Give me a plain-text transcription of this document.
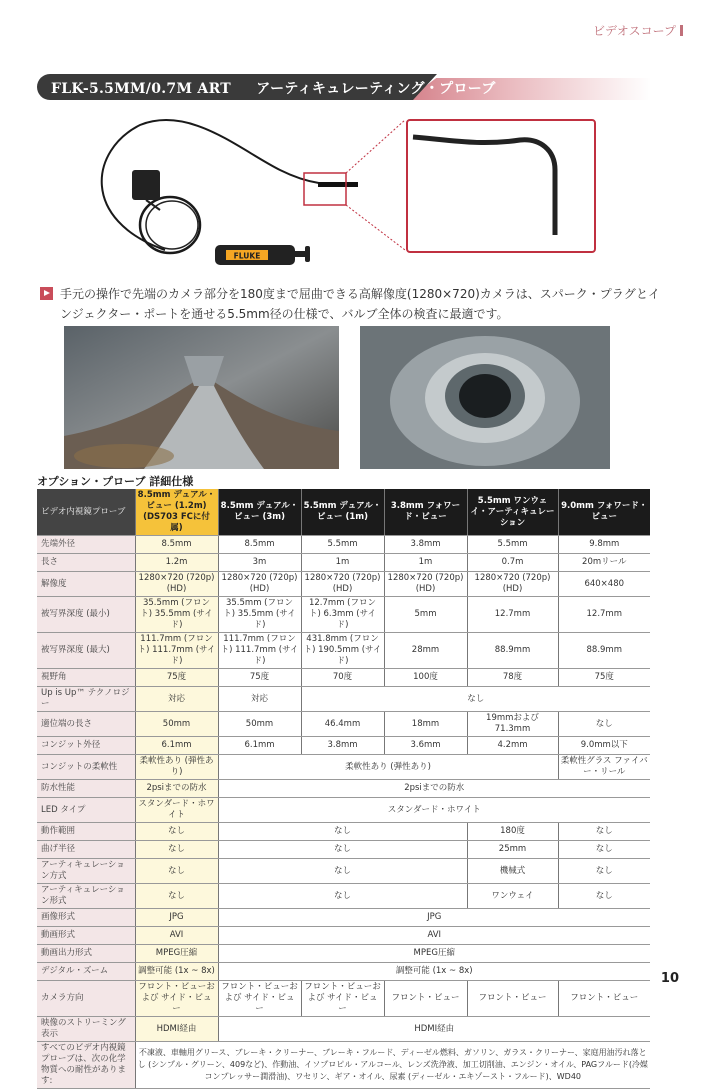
ビデオスコープ
FLK-5.5MM/0.7M ART アーティキュレーティング・プローブ
FLUKE
手元の操作で先端のカメラ部分を180度まで屈曲できる高解像度(1280×720)カメラは、スパーク・プラグとインジェクター・ポートを通せる5.5mm径の仕様で、バルブ全体の検査に最適です。
オプション・プローブ 詳細仕様
ビデオ内視鏡プローブ	8.5mm デュアル・ビュー (1.2m) (DS703 FCに付属)	8.5mm デュアル・ビュー (3m)	5.5mm デュアル・ビュー (1m)	3.8mm フォワード・ビュー	5.5mm ワンウェイ・アーティキュレーション	9.0mm フォワード・ビュー
先端外径	8.5mm	8.5mm	5.5mm	3.8mm	5.5mm	9.8mm
長さ	1.2m	3m	1m	1m	0.7m	20mリール
解像度	1280×720 (720p) (HD)	1280×720 (720p) (HD)	1280×720 (720p) (HD)	1280×720 (720p) (HD)	1280×720 (720p) (HD)	640×480
被写界深度 (最小)	35.5mm (フロント) 35.5mm (サイド)	35.5mm (フロント) 35.5mm (サイド)	12.7mm (フロント) 6.3mm (サイド)	5mm	12.7mm	12.7mm
被写界深度 (最大)	111.7mm (フロント) 111.7mm (サイド)	111.7mm (フロント) 111.7mm (サイド)	431.8mm (フロント) 190.5mm (サイド)	28mm	88.9mm	88.9mm
視野角	75度	75度	70度	100度	78度	75度
Up is Up™ テクノロジー	対応	対応	なし			
適位端の長さ	50mm	50mm	46.4mm	18mm	19mmおよび71.3mm	なし
コンジット外径	6.1mm	6.1mm	3.8mm	3.6mm	4.2mm	9.0mm以下
コンジットの柔軟性	柔軟性あり (弾性あり)	柔軟性あり (弾性あり)				柔軟性グラス ファイバー・リール
防水性能	2psiまでの防水	2psiまでの防水				
LED タイプ	スタンダード・ホワイト	スタンダード・ホワイト				
動作範囲	なし	なし			180度	なし
曲げ半径	なし	なし			25mm	なし
アーティキュレーション方式	なし	なし			機械式	なし
アーティキュレーション形式	なし	なし			ワンウェイ	なし
画像形式	JPG	JPG				
動画形式	AVI	AVI				
動画出力形式	MPEG圧縮	MPEG圧縮				
デジタル・ズーム	調整可能 (1x ~ 8x)	調整可能 (1x ~ 8x)				
カメラ方向	フロント・ビューおよび サイド・ビュー	フロント・ビューおよび サイド・ビュー	フロント・ビューおよび サイド・ビュー	フロント・ビュー	フロント・ビュー	フロント・ビュー
映像のストリーミング表示	HDMI経由	HDMI経由				
すべてのビデオ内視鏡プローブは、次の化学物質への耐性があります:	不凍液、車軸用グリース、ブレーキ・クリーナー、ブレーキ・フルード、ディーゼル燃料、ガソリン、ガラス・クリーナー、家庭用油汚れ落とし (シンプル・グリーン、409など)、作動油、イソプロピル・アルコール、レンズ洗浄液、加工切削油、エンジン・オイル、PAGフルード(冷媒コンプレッサー潤滑油)、ワセリン、ギア・オイル、尿素 (ディーゼル・エキゾースト・フルード)、WD40					
10
